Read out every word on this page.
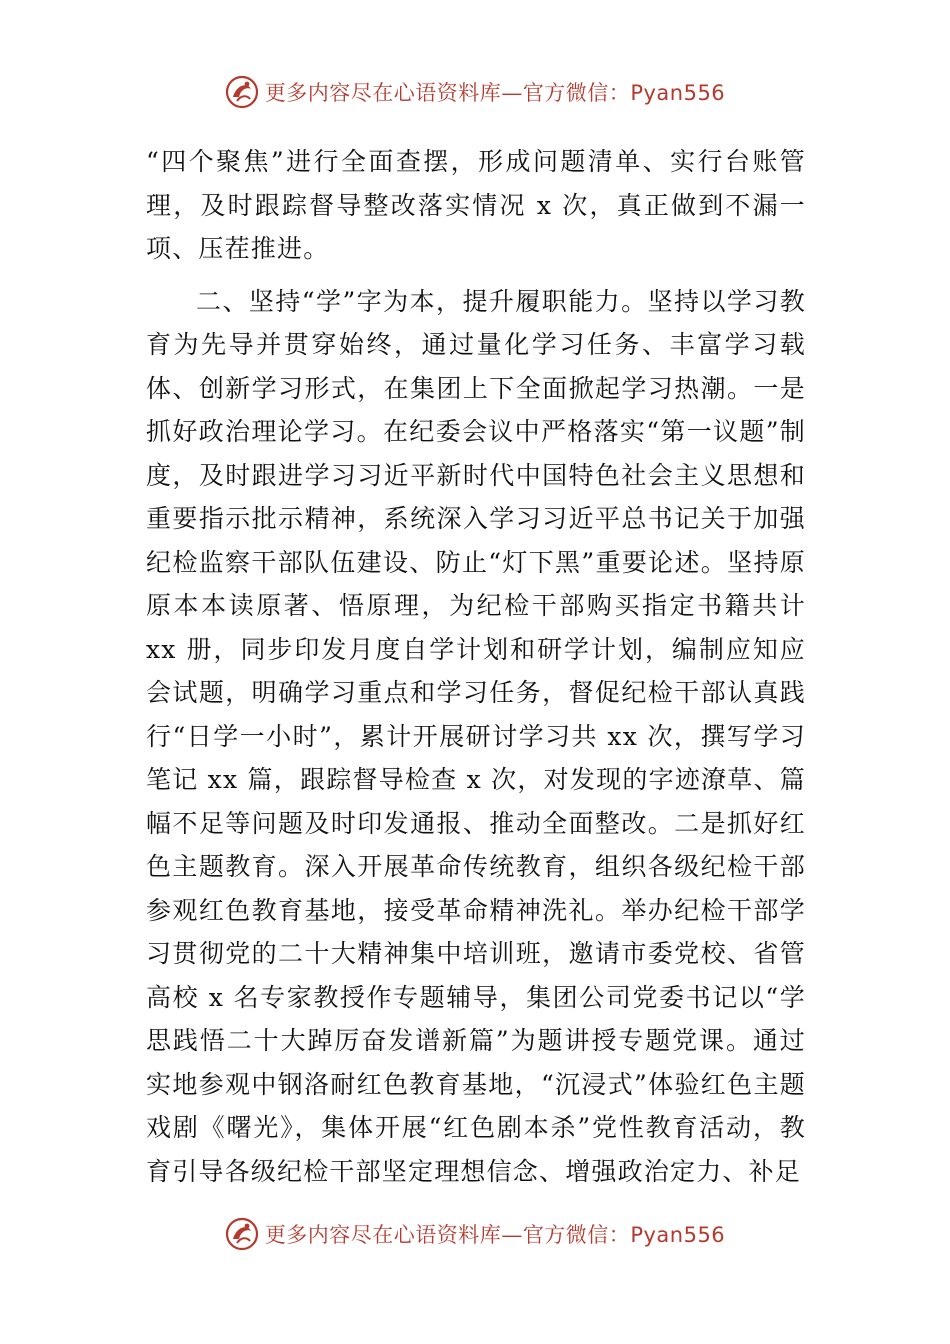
更多内容尽在心语资料库—官方微信：Pyan556

“四个聚焦”进行全面查摆，形成问题清单、实行台账管理，及时跟踪督导整改落实情况 x 次，真正做到不漏一项、压茬推进。

二、坚持“学”字为本，提升履职能力。坚持以学习教育为先导并贯穿始终，通过量化学习任务、丰富学习载体、创新学习形式，在集团上下全面掀起学习热潮。一是抓好政治理论学习。在纪委会议中严格落实“第一议题”制度，及时跟进学习习近平新时代中国特色社会主义思想和重要指示批示精神，系统深入学习习近平总书记关于加强纪检监察干部队伍建设、防止“灯下黑”重要论述。坚持原原本本读原著、悟原理，为纪检干部购买指定书籍共计 xx 册，同步印发月度自学计划和研学计划，编制应知应会试题，明确学习重点和学习任务，督促纪检干部认真践行“日学一小时”，累计开展研讨学习共 xx 次，撰写学习笔记 xx 篇，跟踪督导检查 x 次，对发现的字迹潦草、篇幅不足等问题及时印发通报、推动全面整改。二是抓好红色主题教育。深入开展革命传统教育，组织各级纪检干部参观红色教育基地，接受革命精神洗礼。举办纪检干部学习贯彻党的二十大精神集中培训班，邀请市委党校、省管高校 x 名专家教授作专题辅导，集团公司党委书记以“学思践悟二十大踔厉奋发谱新篇”为题讲授专题党课。通过实地参观中钢洛耐红色教育基地，“沉浸式”体验红色主题戏剧《曙光》，集体开展“红色剧本杀”党性教育活动，教育引导各级纪检干部坚定理想信念、增强政治定力、补足

更多内容尽在心语资料库—官方微信：Pyan556
